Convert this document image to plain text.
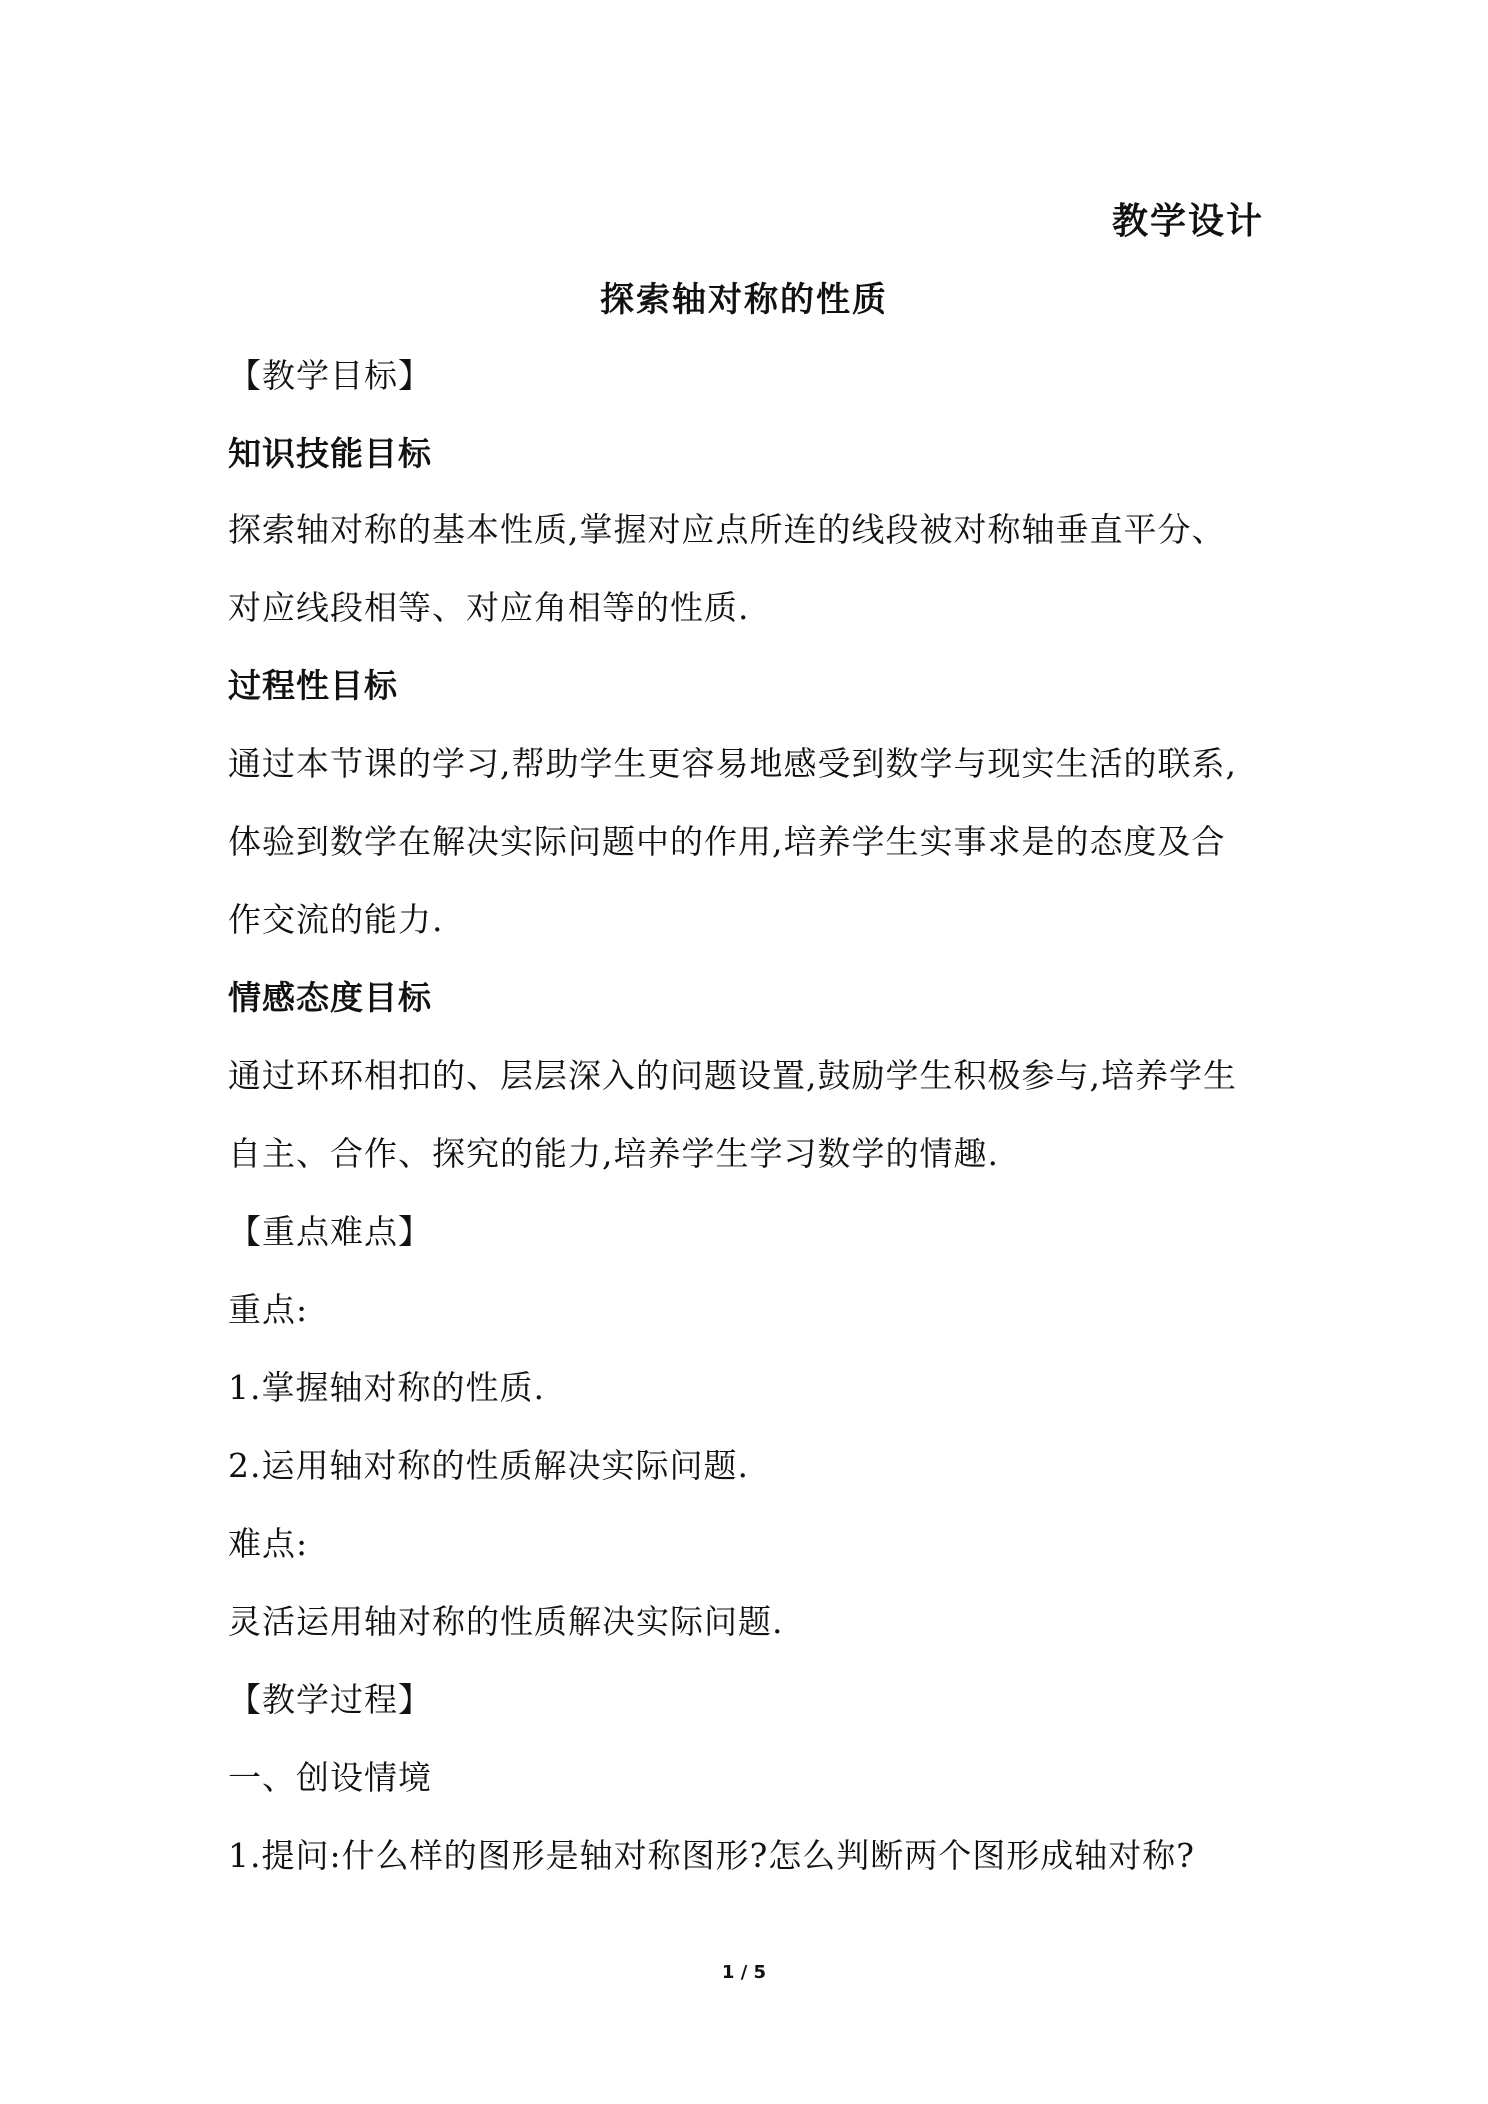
教学设计
探索轴对称的性质
【教学目标】
知识技能目标
探索轴对称的基本性质,掌握对应点所连的线段被对称轴垂直平分、
对应线段相等、对应角相等的性质.
过程性目标
通过本节课的学习,帮助学生更容易地感受到数学与现实生活的联系,
体验到数学在解决实际问题中的作用,培养学生实事求是的态度及合
作交流的能力.
情感态度目标
通过环环相扣的、层层深入的问题设置,鼓励学生积极参与,培养学生
自主、合作、探究的能力,培养学生学习数学的情趣.
【重点难点】
重点:
1.掌握轴对称的性质.
2.运用轴对称的性质解决实际问题.
难点:
灵活运用轴对称的性质解决实际问题.
【教学过程】
一、创设情境
1.提问:什么样的图形是轴对称图形?怎么判断两个图形成轴对称?
1 / 5
